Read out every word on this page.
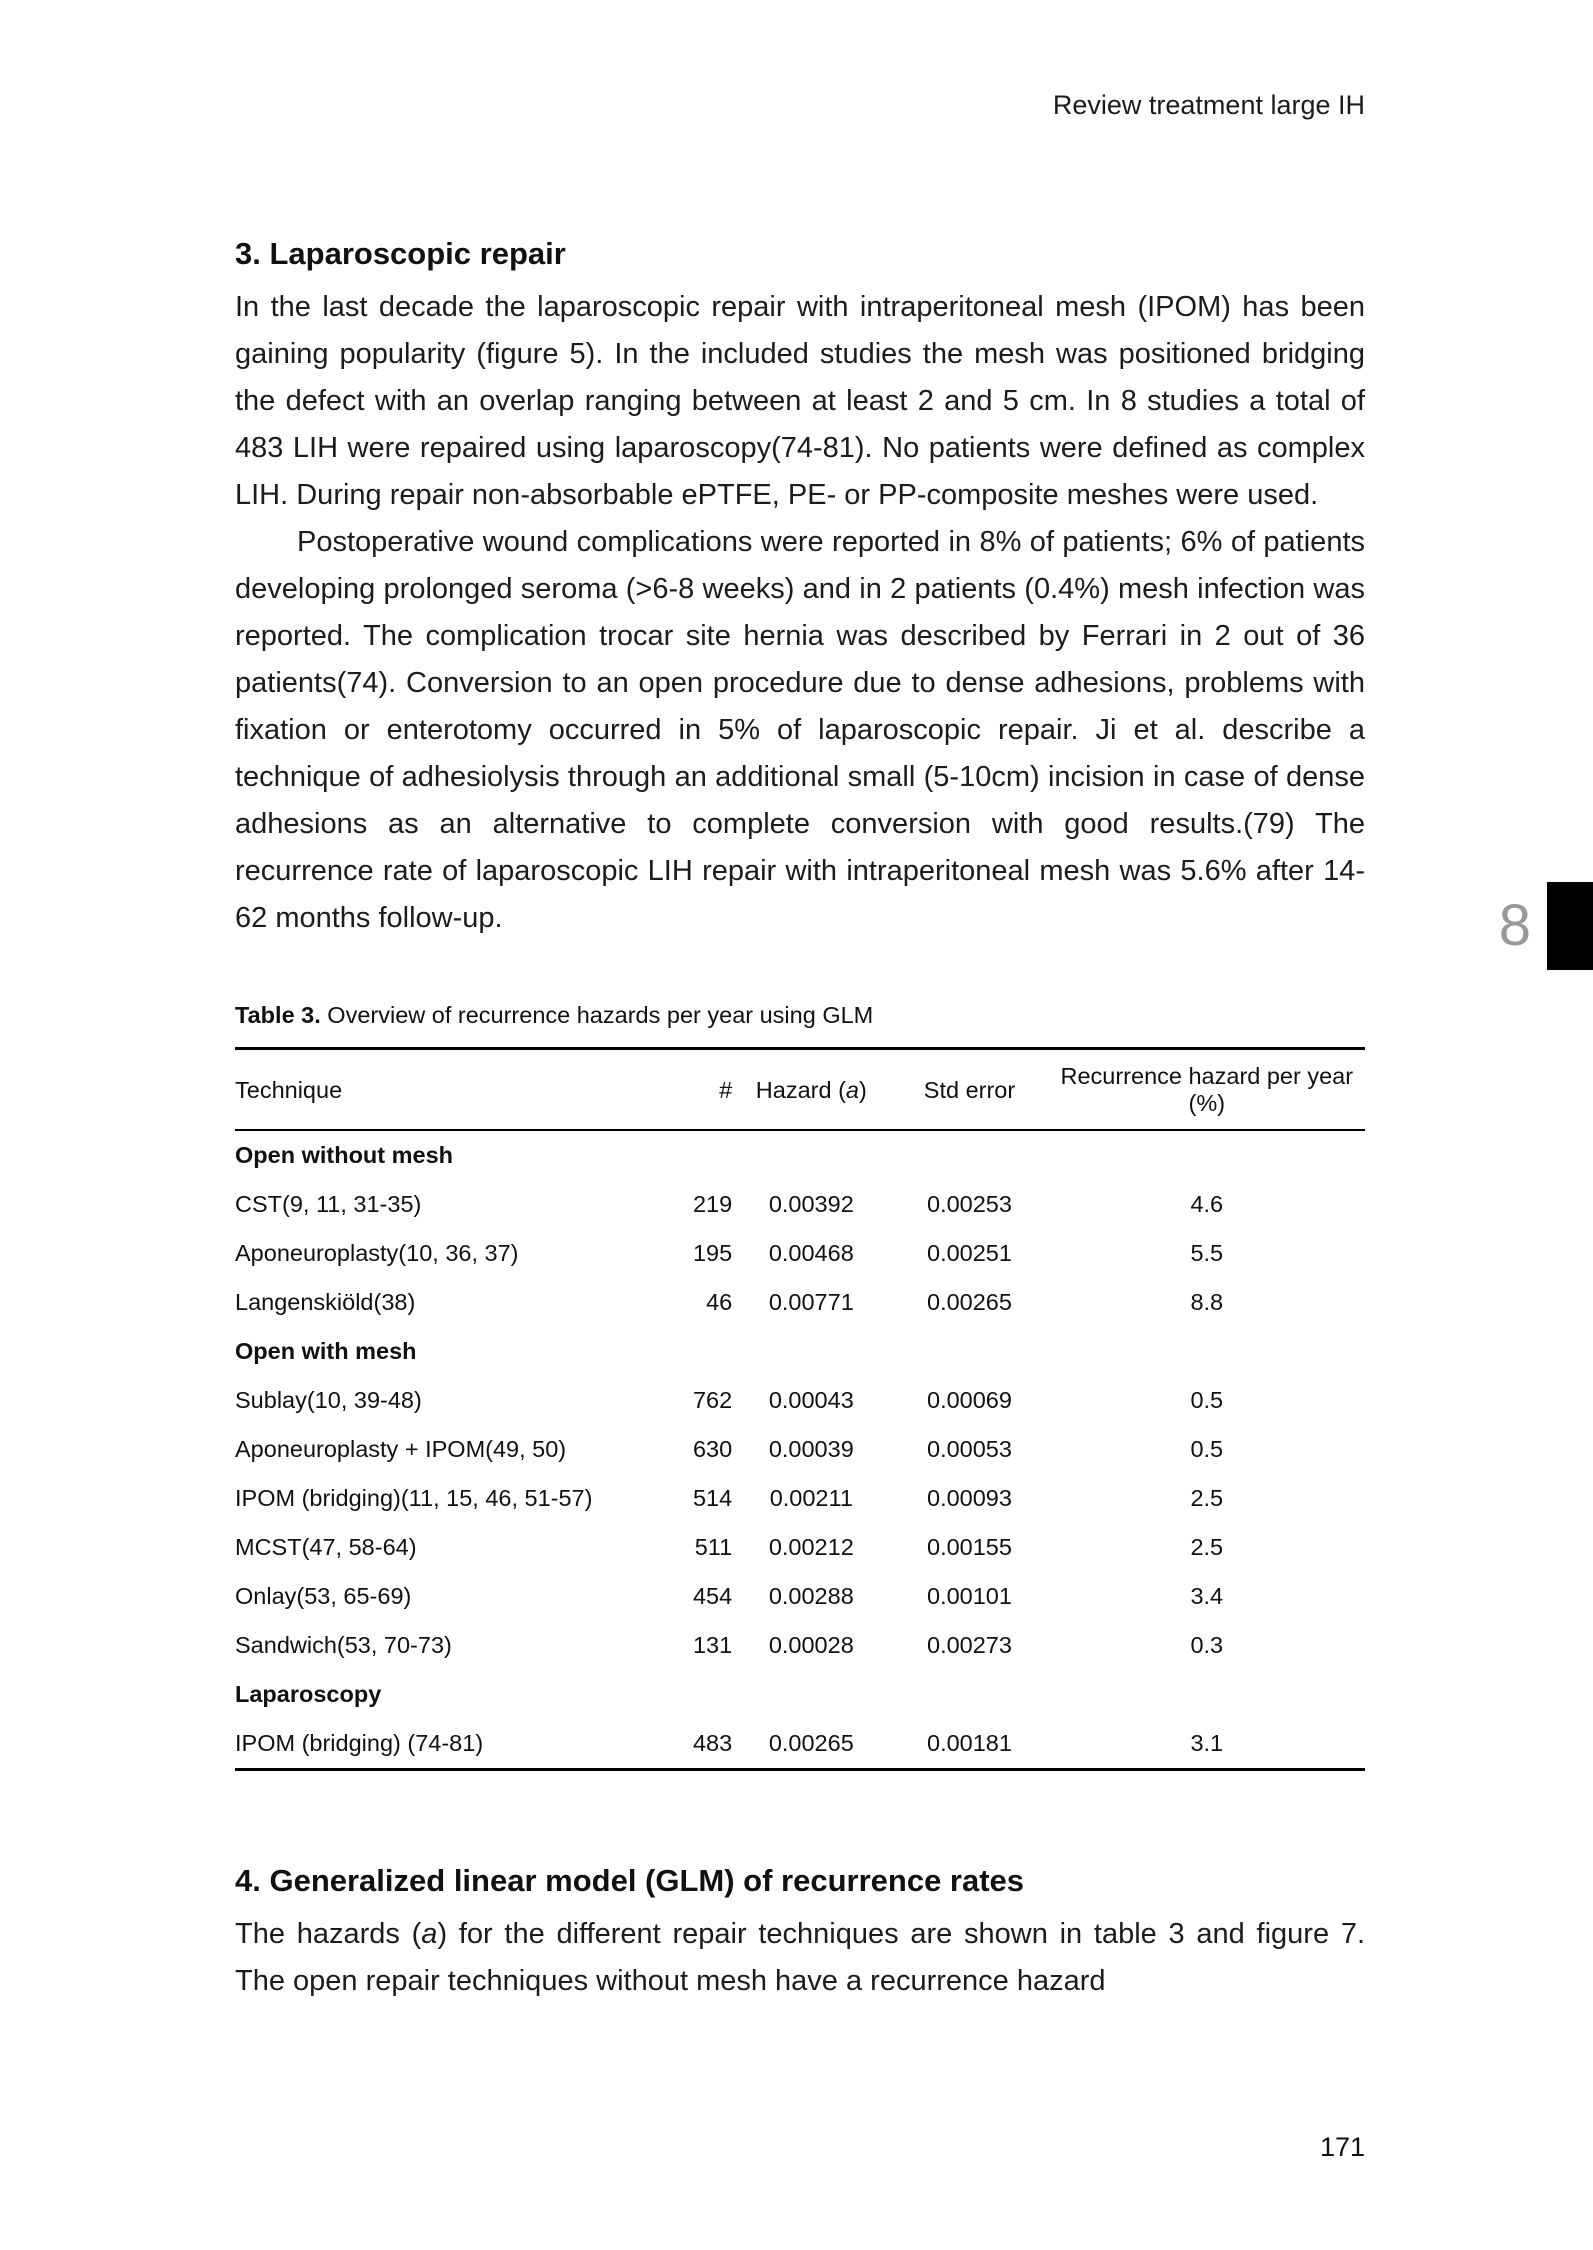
Review treatment large IH
3. Laparoscopic repair

In the last decade the laparoscopic repair with intraperitoneal mesh (IPOM) has been gaining popularity (figure 5). In the included studies the mesh was positioned bridging the defect with an overlap ranging between at least 2 and 5 cm. In 8 studies a total of 483 LIH were repaired using laparoscopy(74-81). No patients were defined as complex LIH. During repair non-absorbable ePTFE, PE- or PP-composite meshes were used.

Postoperative wound complications were reported in 8% of patients; 6% of patients developing prolonged seroma (>6-8 weeks) and in 2 patients (0.4%) mesh infection was reported. The complication trocar site hernia was described by Ferrari in 2 out of 36 patients(74). Conversion to an open procedure due to dense adhesions, problems with fixation or enterotomy occurred in 5% of laparoscopic repair. Ji et al. describe a technique of adhesiolysis through an additional small (5-10cm) incision in case of dense adhesions as an alternative to complete conversion with good results.(79) The recurrence rate of laparoscopic LIH repair with intraperitoneal mesh was 5.6% after 14-62 months follow-up.

Table 3. Overview of recurrence hazards per year using GLM
Technique	#	Hazard (a)	Std error	Recurrence hazard per year (%)
Open without mesh				
CST(9, 11, 31-35)	219	0.00392	0.00253	4.6
Aponeuroplasty(10, 36, 37)	195	0.00468	0.00251	5.5
Langenskiöld(38)	46	0.00771	0.00265	8.8
Open with mesh				
Sublay(10, 39-48)	762	0.00043	0.00069	0.5
Aponeuroplasty + IPOM(49, 50)	630	0.00039	0.00053	0.5
IPOM (bridging)(11, 15, 46, 51-57)	514	0.00211	0.00093	2.5
MCST(47, 58-64)	511	0.00212	0.00155	2.5
Onlay(53, 65-69)	454	0.00288	0.00101	3.4
Sandwich(53, 70-73)	131	0.00028	0.00273	0.3
Laparoscopy				
IPOM (bridging) (74-81)	483	0.00265	0.00181	3.1
4. Generalized linear model (GLM) of recurrence rates

The hazards (a) for the different repair techniques are shown in table 3 and figure 7. The open repair techniques without mesh have a recurrence hazard

8
171
